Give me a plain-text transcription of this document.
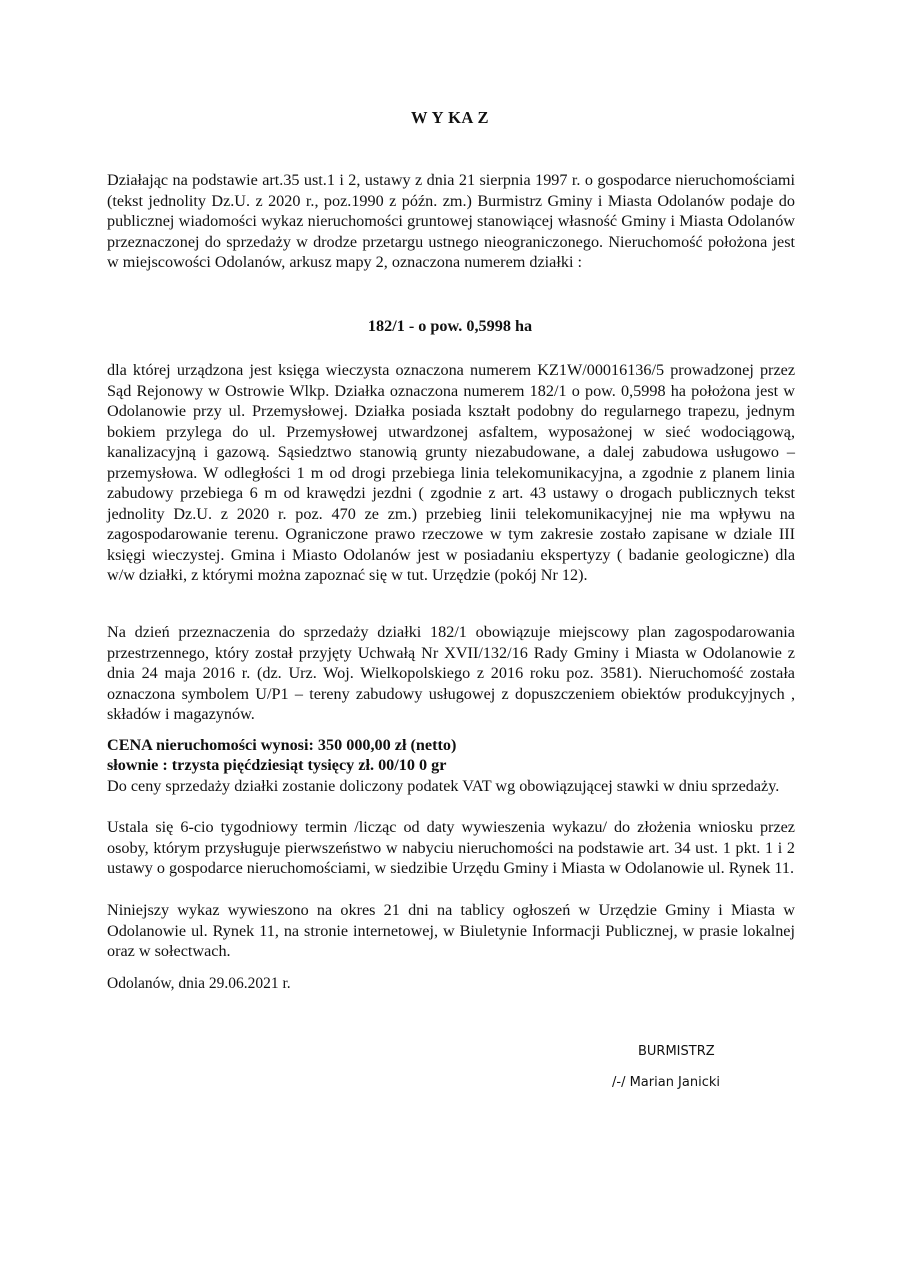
W Y KA Z
Działając na podstawie art.35 ust.1 i 2, ustawy z dnia 21 sierpnia 1997 r. o gospodarce nieruchomościami (tekst jednolity Dz.U. z 2020 r., poz.1990 z późn. zm.) Burmistrz Gminy i Miasta Odolanów podaje do publicznej wiadomości wykaz nieruchomości gruntowej stanowiącej własność Gminy i Miasta Odolanów przeznaczonej do sprzedaży w drodze przetargu ustnego nieograniczonego. Nieruchomość położona jest w miejscowości Odolanów, arkusz mapy 2, oznaczona numerem działki :
182/1 - o pow. 0,5998 ha
dla której urządzona jest księga wieczysta oznaczona numerem KZ1W/00016136/5 prowadzonej przez Sąd Rejonowy w Ostrowie Wlkp. Działka oznaczona numerem 182/1 o pow. 0,5998 ha położona jest w Odolanowie przy ul. Przemysłowej. Działka posiada kształt podobny do regularnego trapezu, jednym bokiem przylega do ul. Przemysłowej utwardzonej asfaltem, wyposażonej w sieć wodociągową, kanalizacyjną i gazową. Sąsiedztwo stanowią grunty niezabudowane, a dalej zabudowa usługowo – przemysłowa. W odległości 1 m od drogi przebiega linia telekomunikacyjna, a zgodnie z planem linia zabudowy przebiega 6 m od krawędzi jezdni ( zgodnie z art. 43 ustawy o drogach publicznych tekst jednolity Dz.U. z 2020 r. poz. 470 ze zm.) przebieg linii telekomunikacyjnej nie ma wpływu na zagospodarowanie terenu. Ograniczone prawo rzeczowe w tym zakresie zostało zapisane w dziale III księgi wieczystej. Gmina i Miasto Odolanów jest w posiadaniu ekspertyzy ( badanie geologiczne) dla w/w działki, z którymi można zapoznać się w tut. Urzędzie (pokój Nr 12).
Na dzień przeznaczenia do sprzedaży działki 182/1 obowiązuje miejscowy plan zagospodarowania przestrzennego, który został przyjęty Uchwałą Nr XVII/132/16 Rady Gminy i Miasta w Odolanowie z dnia 24 maja 2016 r. (dz. Urz. Woj. Wielkopolskiego z 2016 roku poz. 3581). Nieruchomość została oznaczona symbolem U/P1 – tereny zabudowy usługowej z dopuszczeniem obiektów produkcyjnych , składów i magazynów.
CENA nieruchomości wynosi: 350 000,00 zł (netto)
słownie : trzysta pięćdziesiąt tysięcy zł. 00/10 0 gr
Do ceny sprzedaży działki zostanie doliczony podatek VAT wg obowiązującej stawki w dniu sprzedaży.
Ustala się 6-cio tygodniowy termin /licząc od daty wywieszenia wykazu/ do złożenia wniosku przez osoby, którym przysługuje pierwszeństwo w nabyciu nieruchomości na podstawie art. 34 ust. 1 pkt. 1 i 2 ustawy o gospodarce nieruchomościami, w siedzibie Urzędu Gminy i Miasta w Odolanowie ul. Rynek 11.
Niniejszy wykaz wywieszono na okres 21 dni na tablicy ogłoszeń w Urzędzie Gminy i Miasta w Odolanowie ul. Rynek 11, na stronie internetowej, w Biuletynie Informacji Publicznej, w prasie lokalnej oraz w sołectwach.
Odolanów, dnia 29.06.2021 r.
BURMISTRZ
/-/ Marian Janicki
